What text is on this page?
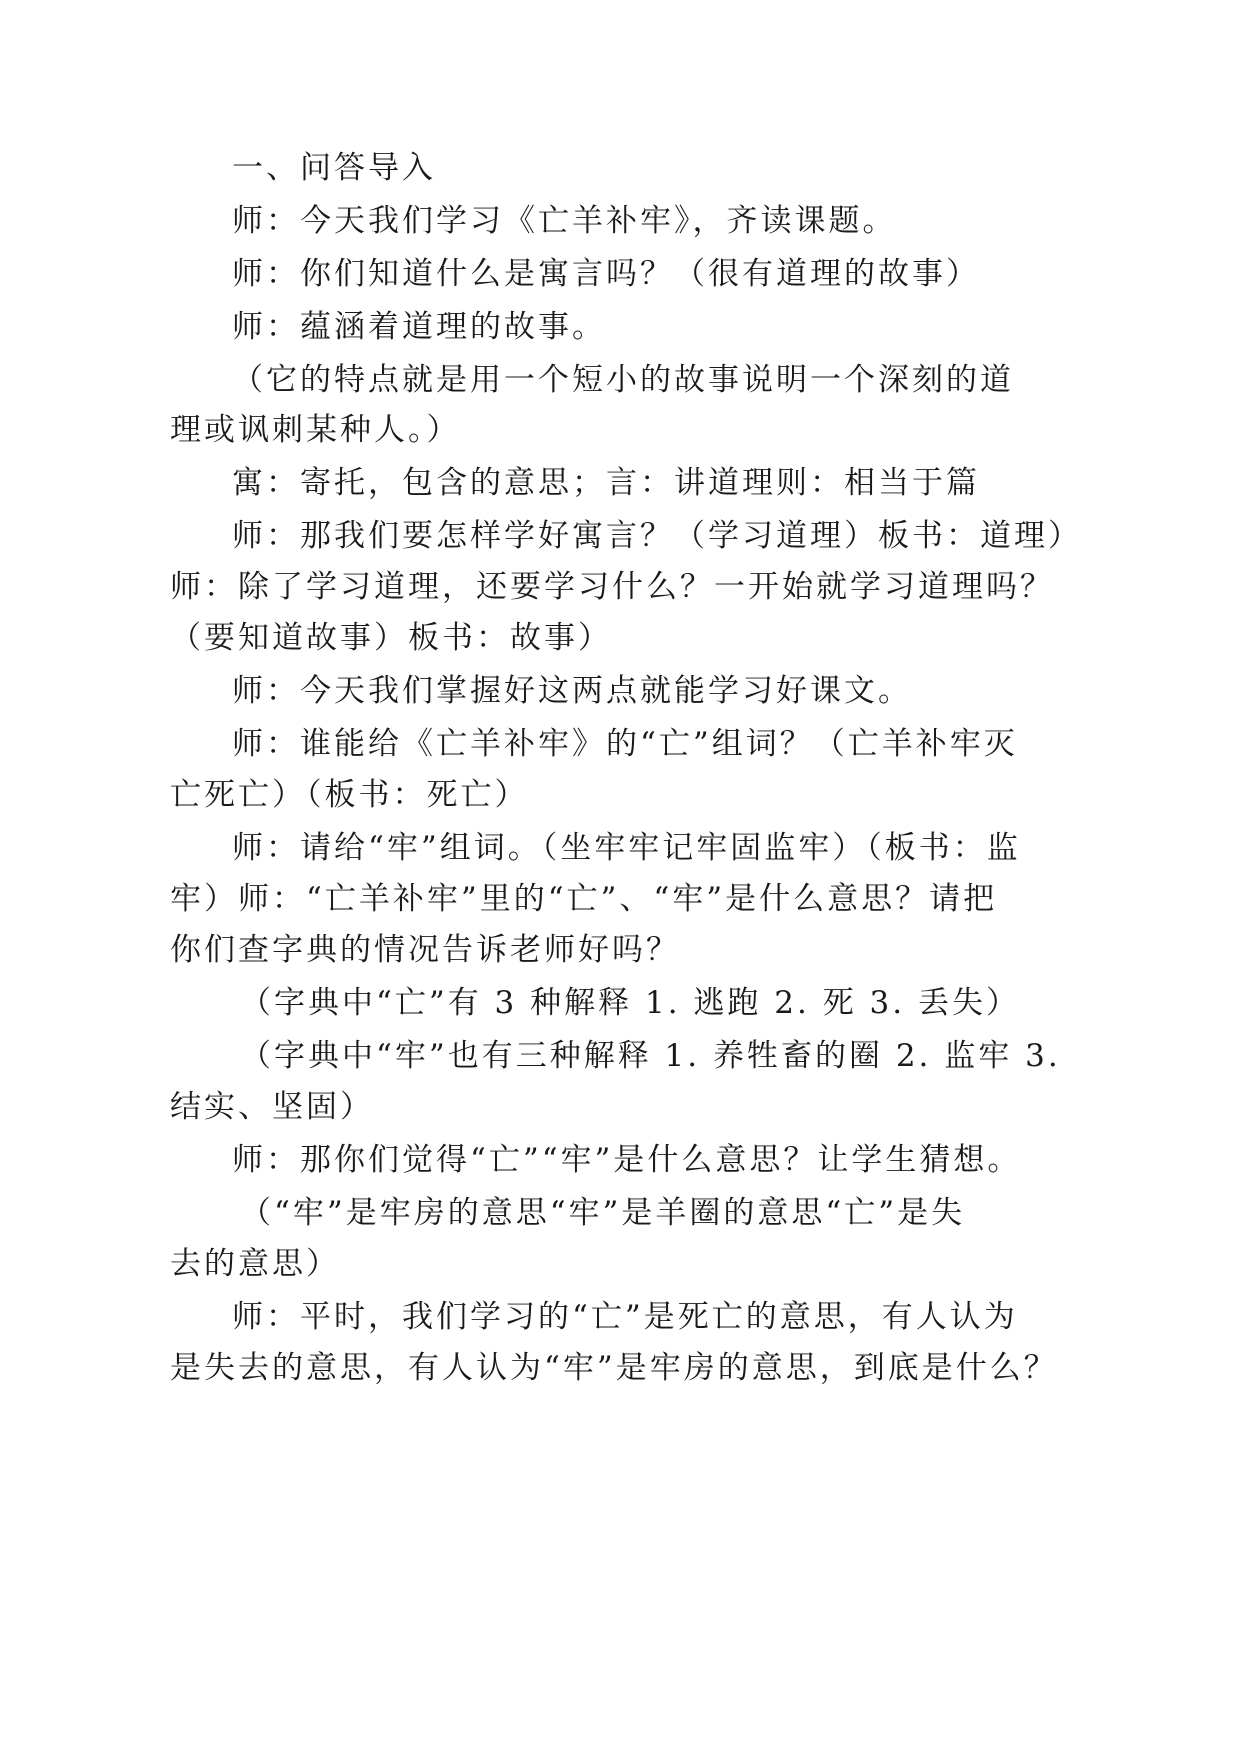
一、问答导入
师：今天我们学习《亡羊补牢》，齐读课题。
师：你们知道什么是寓言吗？（很有道理的故事）
师：蕴涵着道理的故事。
（它的特点就是用一个短小的故事说明一个深刻的道
理或讽刺某种人。）
寓：寄托，包含的意思；言：讲道理则：相当于篇
师：那我们要怎样学好寓言？（学习道理）板书：道理）
师：除了学习道理，还要学习什么？一开始就学习道理吗？
（要知道故事）板书：故事）
师：今天我们掌握好这两点就能学习好课文。
师：谁能给《亡羊补牢》的“亡”组词？（亡羊补牢灭
亡死亡）（板书：死亡）
师：请给“牢”组词。（坐牢牢记牢固监牢）（板书：监
牢）师：“亡羊补牢”里的“亡”、“牢”是什么意思？请把
你们查字典的情况告诉老师好吗？
（字典中“亡”有 3 种解释 1. 逃跑 2. 死 3. 丢失）
（字典中“牢”也有三种解释 1. 养牲畜的圈 2. 监牢 3.
结实、坚固）
师：那你们觉得“亡”“牢”是什么意思？让学生猜想。
（“牢”是牢房的意思“牢”是羊圈的意思“亡”是失
去的意思）
师：平时，我们学习的“亡”是死亡的意思，有人认为
是失去的意思，有人认为“牢”是牢房的意思，到底是什么？
